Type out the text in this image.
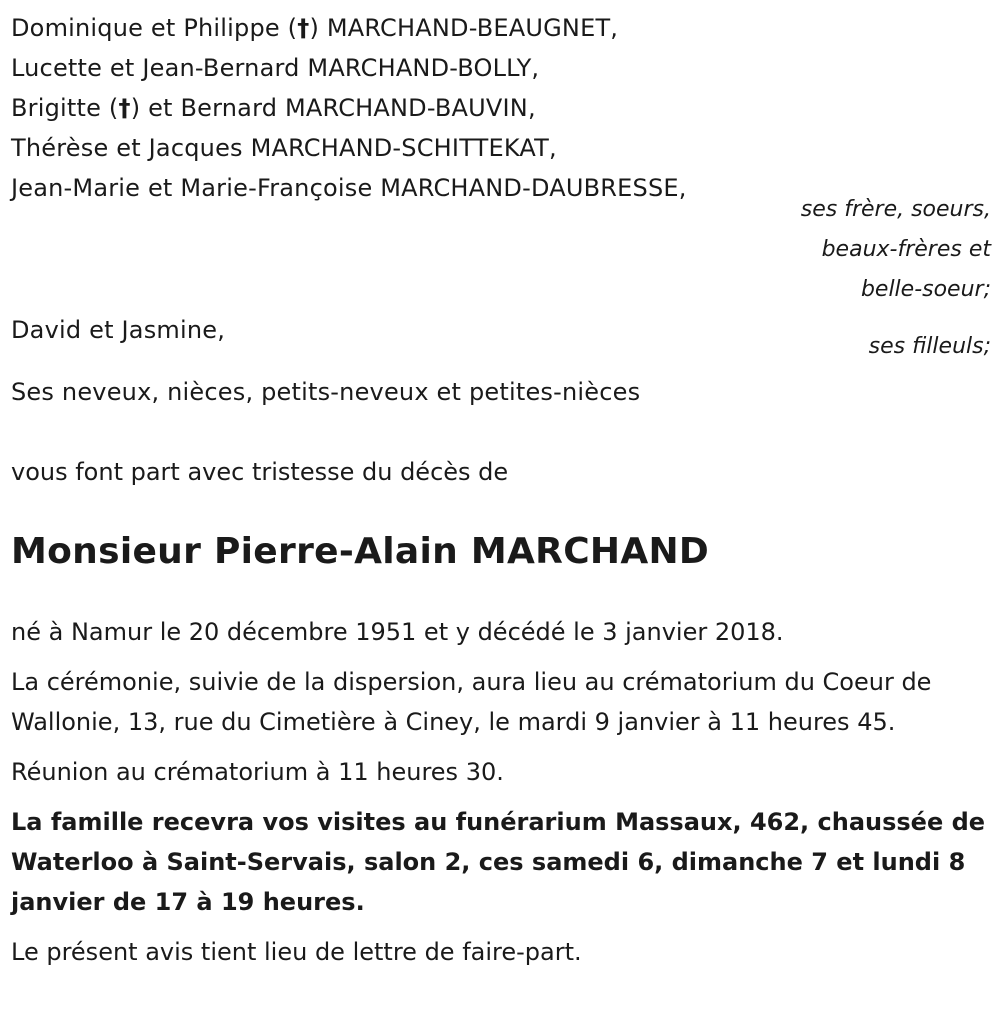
Dominique et Philippe (†) MARCHAND-BEAUGNET,
Lucette et Jean-Bernard MARCHAND-BOLLY,
Brigitte (†) et Bernard MARCHAND-BAUVIN,
Thérèse et Jacques MARCHAND-SCHITTEKAT,
Jean-Marie et Marie-Françoise MARCHAND-DAUBRESSE,
ses frère, soeurs,
beaux-frères et
belle-soeur;
David et Jasmine,
ses filleuls;
Ses neveux, nièces, petits-neveux et petites-nièces
vous font part avec tristesse du décès de
Monsieur Pierre-Alain MARCHAND
né à Namur le 20 décembre 1951 et y décédé le 3 janvier 2018.
La cérémonie, suivie de la dispersion, aura lieu au crématorium du Coeur de Wallonie, 13, rue du Cimetière à Ciney, le mardi 9 janvier à 11 heures 45.
Réunion au crématorium à 11 heures 30.
La famille recevra vos visites au funérarium Massaux, 462, chaussée de Waterloo à Saint-Servais, salon 2, ces samedi 6, dimanche 7 et lundi 8 janvier de 17 à 19 heures.
Le présent avis tient lieu de lettre de faire-part.
